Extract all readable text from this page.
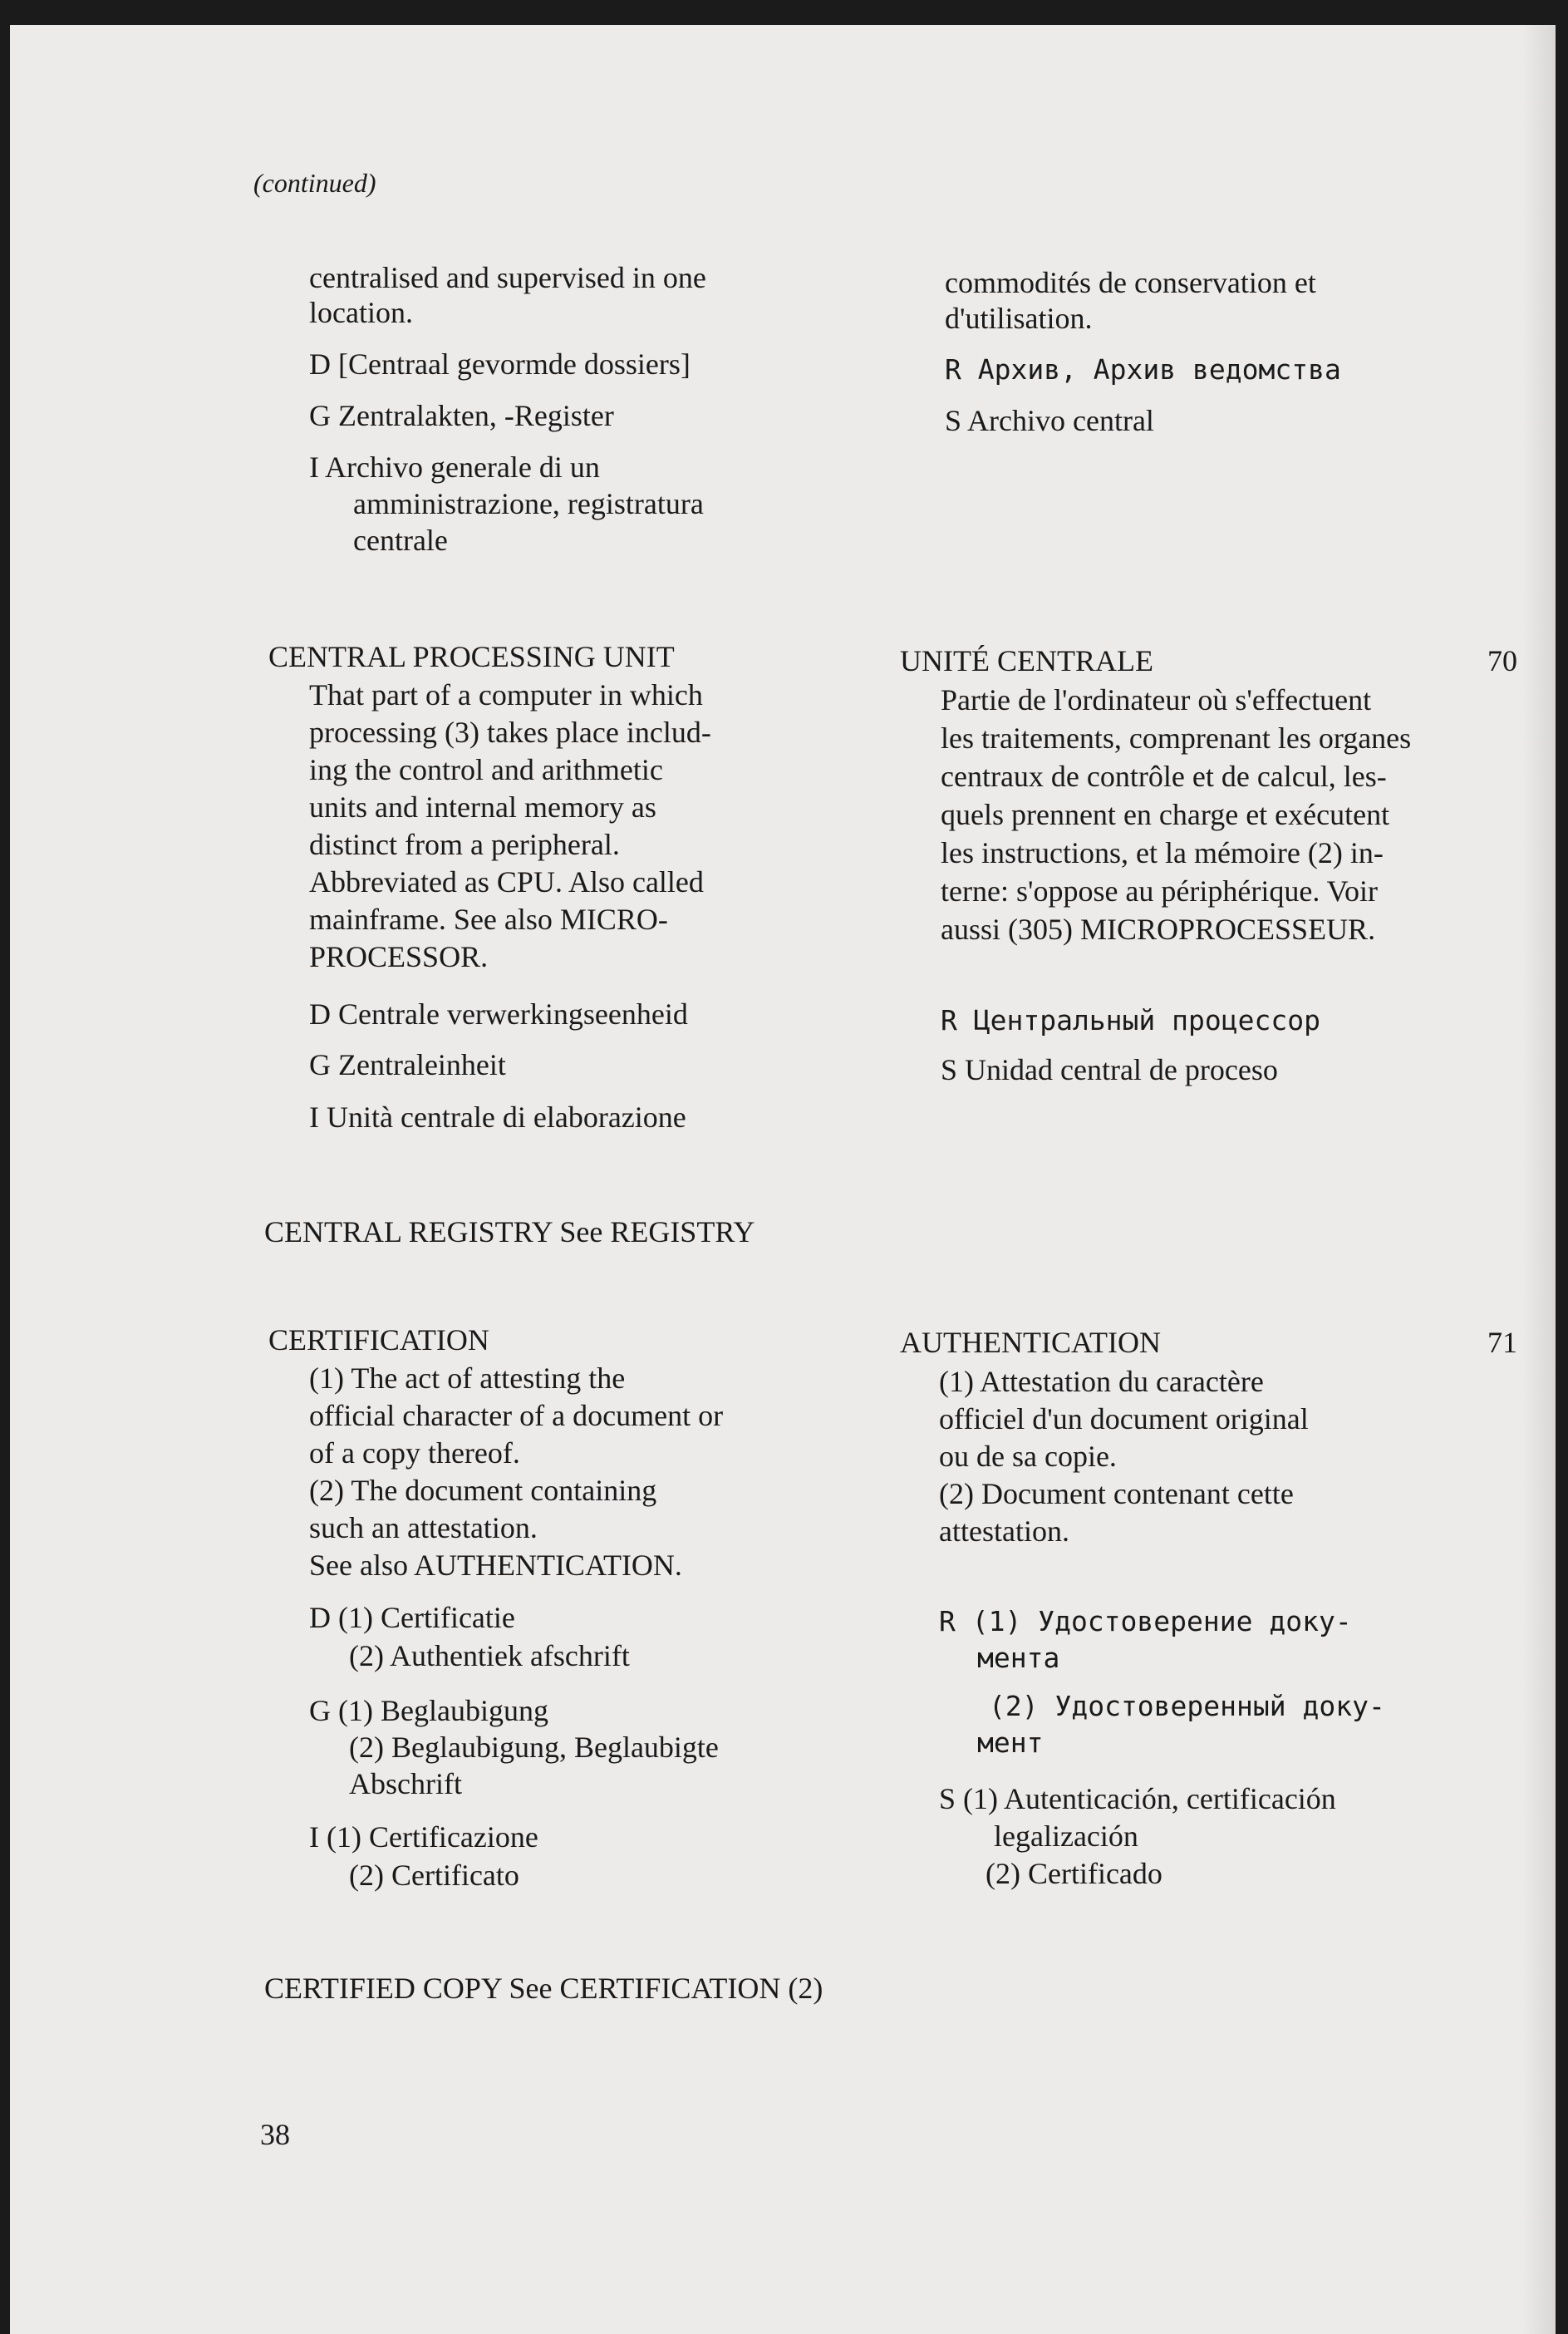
(continued)
centralised and supervised in one
location.
D [Centraal gevormde dossiers]
G Zentralakten, -Register
I Archivo generale di un
amministrazione, registratura
centrale
commodités de conservation et
d'utilisation.
R Архив, Архив ведомства
S Archivo central
CENTRAL PROCESSING UNIT
That part of a computer in which
processing (3) takes place includ-
ing the control and arithmetic
units and internal memory as
distinct from a peripheral.
Abbreviated as CPU. Also called
mainframe. See also MICRO-
PROCESSOR.
D Centrale verwerkingseenheid
G Zentraleinheit
I Unità centrale di elaborazione
UNITÉ CENTRALE	70
Partie de l'ordinateur où s'effectuent
les traitements, comprenant les organes
centraux de contrôle et de calcul, les-
quels prennent en charge et exécutent
les instructions, et la mémoire (2) in-
terne: s'oppose au périphérique. Voir
aussi (305) MICROPROCESSEUR.
R Центральный процессор
S Unidad central de proceso
CENTRAL REGISTRY See REGISTRY
CERTIFICATION
(1) The act of attesting the
official character of a document or
of a copy thereof.
(2) The document containing
such an attestation.
See also AUTHENTICATION.
D (1) Certificatie
(2) Authentiek afschrift
G (1) Beglaubigung
(2) Beglaubigung, Beglaubigte
Abschrift
I (1) Certificazione
(2) Certificato
AUTHENTICATION	71
(1) Attestation du caractère
officiel d'un document original
ou de sa copie.
(2) Document contenant cette
attestation.
R (1) Удостоверение доку-
мента
(2) Удостоверенный доку-
мент
S (1) Autenticación, certificación
legalización
(2) Certificado
CERTIFIED COPY See CERTIFICATION (2)
38
